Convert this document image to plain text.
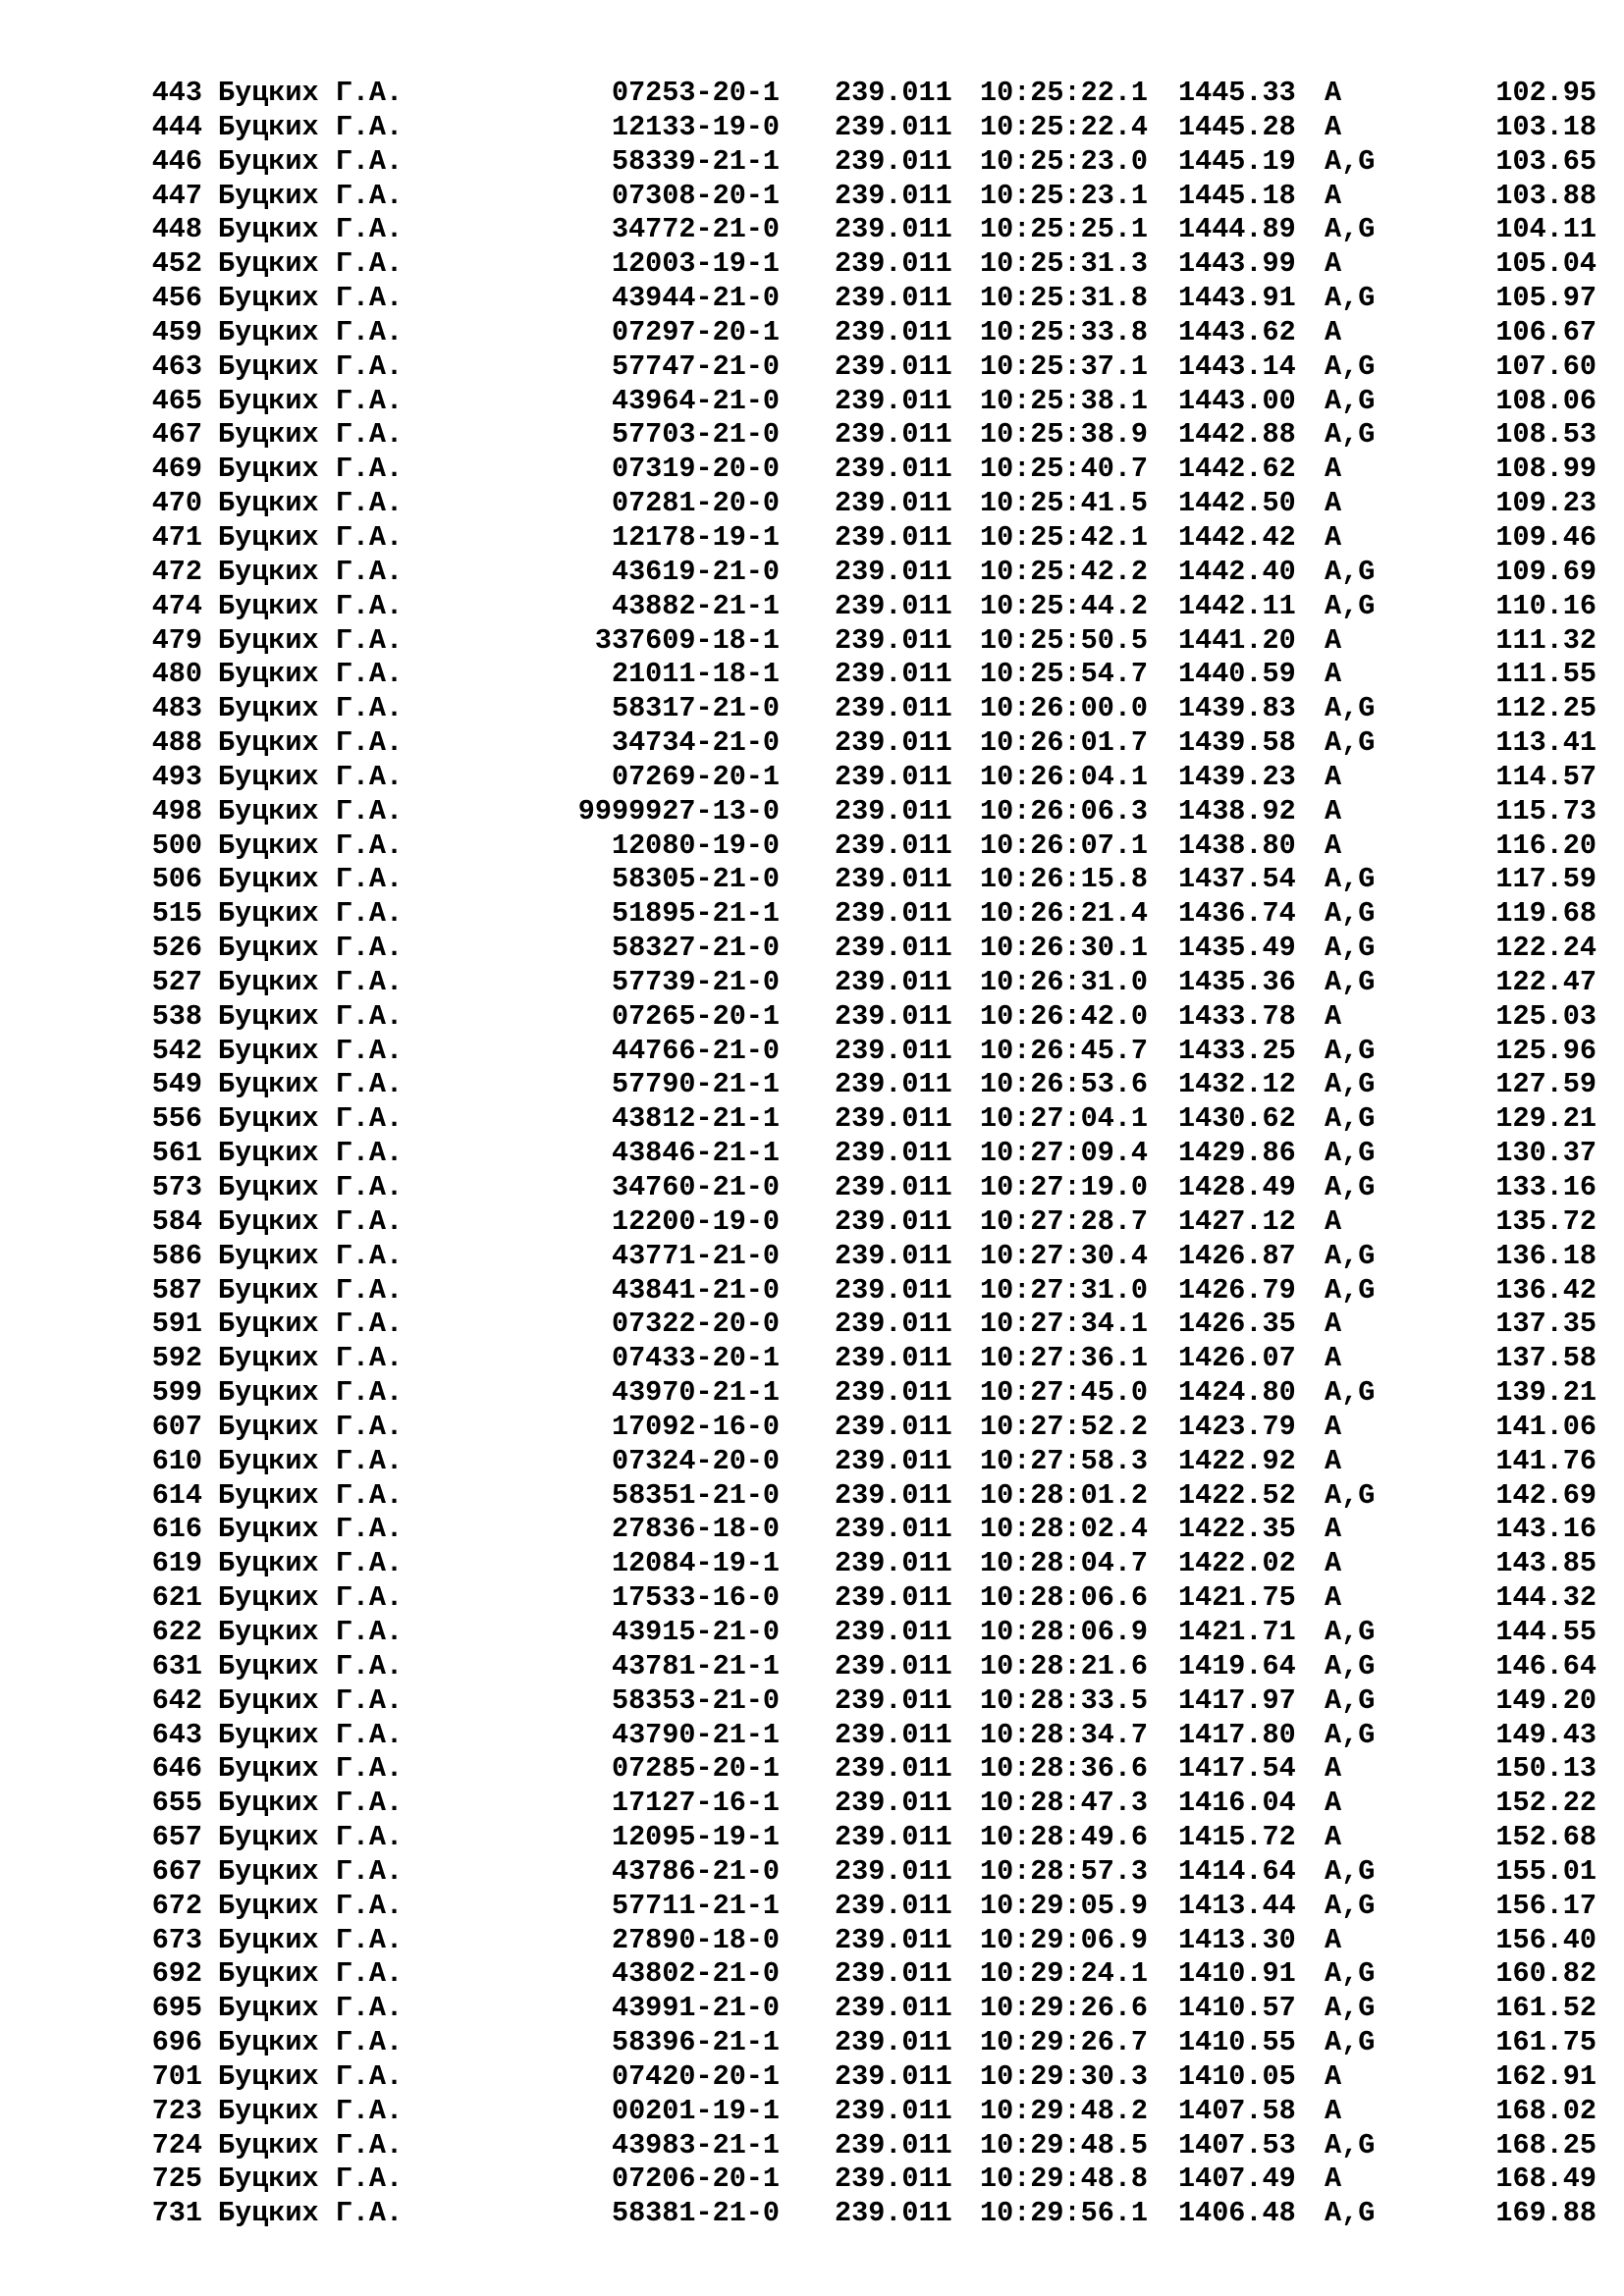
443 Буцких Г.А.	07253-20-1 239.011 10:25:22.1 1445.33 A	102.95
444 Буцких Г.А.	12133-19-0 239.011 10:25:22.4 1445.28 A	103.18
446 Буцких Г.А.	58339-21-1 239.011 10:25:23.0 1445.19 A,G	103.65
447 Буцких Г.А.	07308-20-1 239.011 10:25:23.1 1445.18 A	103.88
448 Буцких Г.А.	34772-21-0 239.011 10:25:25.1 1444.89 A,G	104.11
452 Буцких Г.А.	12003-19-1 239.011 10:25:31.3 1443.99 A	105.04
456 Буцких Г.А.	43944-21-0 239.011 10:25:31.8 1443.91 A,G	105.97
459 Буцких Г.А.	07297-20-1 239.011 10:25:33.8 1443.62 A	106.67
463 Буцких Г.А.	57747-21-0 239.011 10:25:37.1 1443.14 A,G	107.60
465 Буцких Г.А.	43964-21-0 239.011 10:25:38.1 1443.00 A,G	108.06
467 Буцких Г.А.	57703-21-0 239.011 10:25:38.9 1442.88 A,G	108.53
469 Буцких Г.А.	07319-20-0 239.011 10:25:40.7 1442.62 A	108.99
470 Буцких Г.А.	07281-20-0 239.011 10:25:41.5 1442.50 A	109.23
471 Буцких Г.А.	12178-19-1 239.011 10:25:42.1 1442.42 A	109.46
472 Буцких Г.А.	43619-21-0 239.011 10:25:42.2 1442.40 A,G	109.69
474 Буцких Г.А.	43882-21-1 239.011 10:25:44.2 1442.11 A,G	110.16
479 Буцких Г.А.	337609-18-1 239.011 10:25:50.5 1441.20 A	111.32
480 Буцких Г.А.	21011-18-1 239.011 10:25:54.7 1440.59 A	111.55
483 Буцких Г.А.	58317-21-0 239.011 10:26:00.0 1439.83 A,G	112.25
488 Буцких Г.А.	34734-21-0 239.011 10:26:01.7 1439.58 A,G	113.41
493 Буцких Г.А.	07269-20-1 239.011 10:26:04.1 1439.23 A	114.57
498 Буцких Г.А.	9999927-13-0 239.011 10:26:06.3 1438.92 A	115.73
500 Буцких Г.А.	12080-19-0 239.011 10:26:07.1 1438.80 A	116.20
506 Буцких Г.А.	58305-21-0 239.011 10:26:15.8 1437.54 A,G	117.59
515 Буцких Г.А.	51895-21-1 239.011 10:26:21.4 1436.74 A,G	119.68
526 Буцких Г.А.	58327-21-0 239.011 10:26:30.1 1435.49 A,G	122.24
527 Буцких Г.А.	57739-21-0 239.011 10:26:31.0 1435.36 A,G	122.47
538 Буцких Г.А.	07265-20-1 239.011 10:26:42.0 1433.78 A	125.03
542 Буцких Г.А.	44766-21-0 239.011 10:26:45.7 1433.25 A,G	125.96
549 Буцких Г.А.	57790-21-1 239.011 10:26:53.6 1432.12 A,G	127.59
556 Буцких Г.А.	43812-21-1 239.011 10:27:04.1 1430.62 A,G	129.21
561 Буцких Г.А.	43846-21-1 239.011 10:27:09.4 1429.86 A,G	130.37
573 Буцких Г.А.	34760-21-0 239.011 10:27:19.0 1428.49 A,G	133.16
584 Буцких Г.А.	12200-19-0 239.011 10:27:28.7 1427.12 A	135.72
586 Буцких Г.А.	43771-21-0 239.011 10:27:30.4 1426.87 A,G	136.18
587 Буцких Г.А.	43841-21-0 239.011 10:27:31.0 1426.79 A,G	136.42
591 Буцких Г.А.	07322-20-0 239.011 10:27:34.1 1426.35 A	137.35
592 Буцких Г.А.	07433-20-1 239.011 10:27:36.1 1426.07 A	137.58
599 Буцких Г.А.	43970-21-1 239.011 10:27:45.0 1424.80 A,G	139.21
607 Буцких Г.А.	17092-16-0 239.011 10:27:52.2 1423.79 A	141.06
610 Буцких Г.А.	07324-20-0 239.011 10:27:58.3 1422.92 A	141.76
614 Буцких Г.А.	58351-21-0 239.011 10:28:01.2 1422.52 A,G	142.69
616 Буцких Г.А.	27836-18-0 239.011 10:28:02.4 1422.35 A	143.16
619 Буцких Г.А.	12084-19-1 239.011 10:28:04.7 1422.02 A	143.85
621 Буцких Г.А.	17533-16-0 239.011 10:28:06.6 1421.75 A	144.32
622 Буцких Г.А.	43915-21-0 239.011 10:28:06.9 1421.71 A,G	144.55
631 Буцких Г.А.	43781-21-1 239.011 10:28:21.6 1419.64 A,G	146.64
642 Буцких Г.А.	58353-21-0 239.011 10:28:33.5 1417.97 A,G	149.20
643 Буцких Г.А.	43790-21-1 239.011 10:28:34.7 1417.80 A,G	149.43
646 Буцких Г.А.	07285-20-1 239.011 10:28:36.6 1417.54 A	150.13
655 Буцких Г.А.	17127-16-1 239.011 10:28:47.3 1416.04 A	152.22
657 Буцких Г.А.	12095-19-1 239.011 10:28:49.6 1415.72 A	152.68
667 Буцких Г.А.	43786-21-0 239.011 10:28:57.3 1414.64 A,G	155.01
672 Буцких Г.А.	57711-21-1 239.011 10:29:05.9 1413.44 A,G	156.17
673 Буцких Г.А.	27890-18-0 239.011 10:29:06.9 1413.30 A	156.40
692 Буцких Г.А.	43802-21-0 239.011 10:29:24.1 1410.91 A,G	160.82
695 Буцких Г.А.	43991-21-0 239.011 10:29:26.6 1410.57 A,G	161.52
696 Буцких Г.А.	58396-21-1 239.011 10:29:26.7 1410.55 A,G	161.75
701 Буцких Г.А.	07420-20-1 239.011 10:29:30.3 1410.05 A	162.91
723 Буцких Г.А.	00201-19-1 239.011 10:29:48.2 1407.58 A	168.02
724 Буцких Г.А.	43983-21-1 239.011 10:29:48.5 1407.53 A,G	168.25
725 Буцких Г.А.	07206-20-1 239.011 10:29:48.8 1407.49 A	168.49
731 Буцких Г.А.	58381-21-0 239.011 10:29:56.1 1406.48 A,G	169.88
